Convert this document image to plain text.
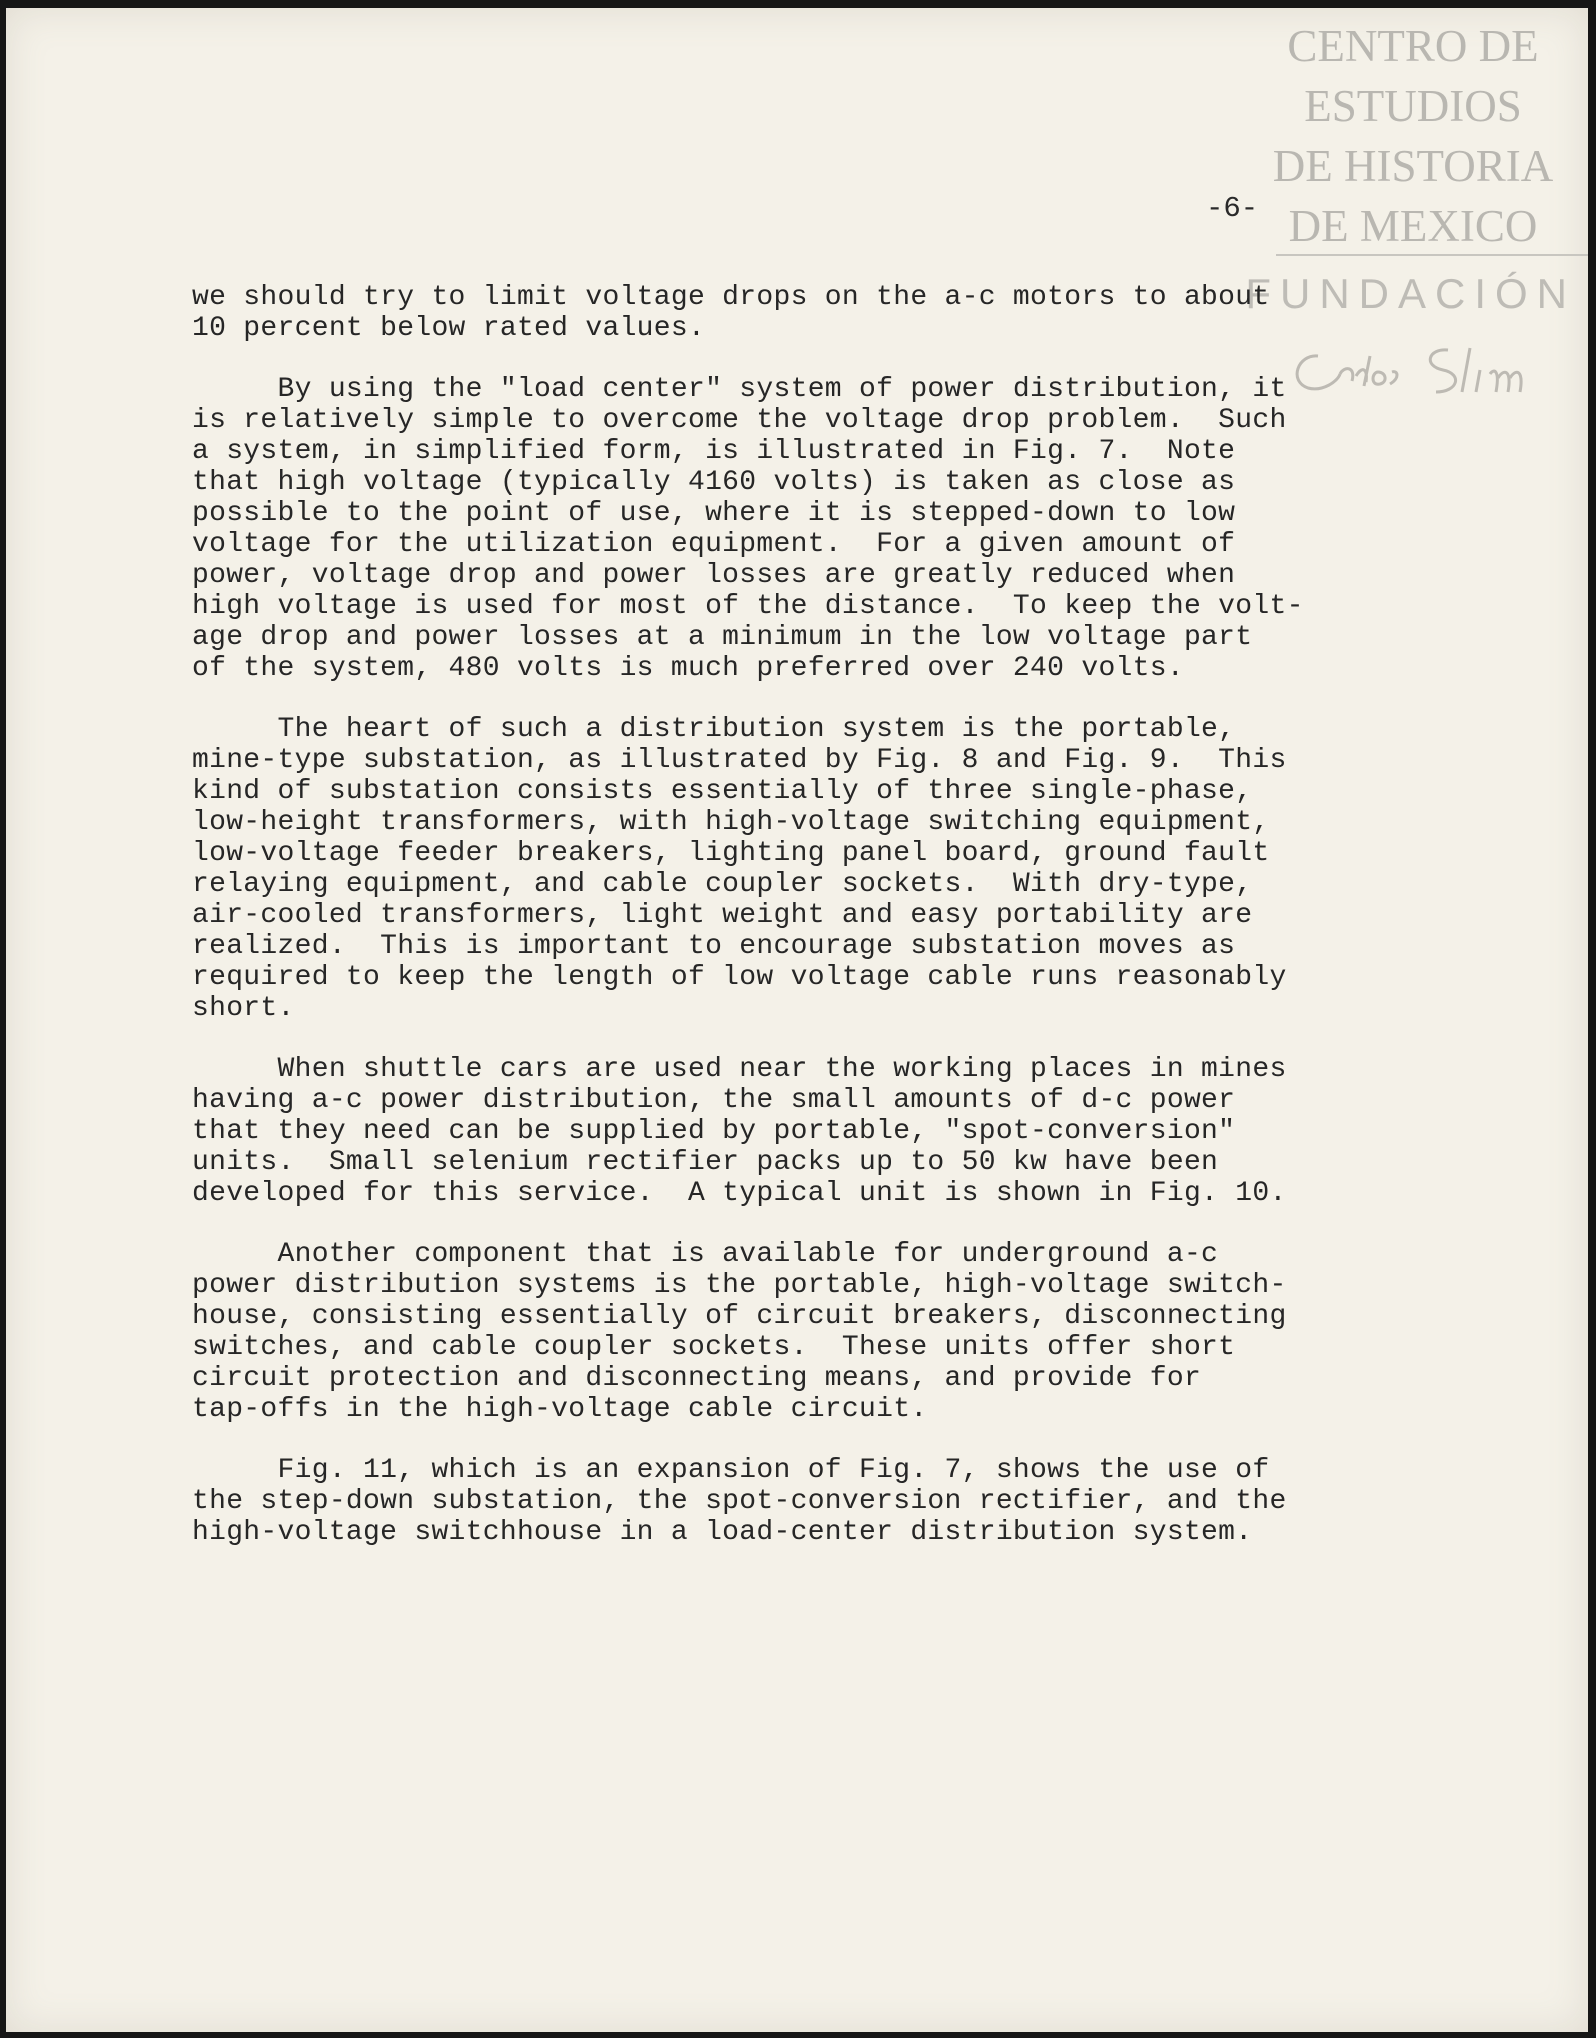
CENTRO DE
ESTUDIOS
DE HISTORIA
DE MEXICO
FUNDACIÓN
-6-
we should try to limit voltage drops on the a-c motors to about
10 percent below rated values.
By using the "load center" system of power distribution, it
is relatively simple to overcome the voltage drop problem.  Such
a system, in simplified form, is illustrated in Fig. 7.  Note
that high voltage (typically 4160 volts) is taken as close as
possible to the point of use, where it is stepped-down to low
voltage for the utilization equipment.  For a given amount of
power, voltage drop and power losses are greatly reduced when
high voltage is used for most of the distance.  To keep the volt-
age drop and power losses at a minimum in the low voltage part
of the system, 480 volts is much preferred over 240 volts.
The heart of such a distribution system is the portable,
mine-type substation, as illustrated by Fig. 8 and Fig. 9.  This
kind of substation consists essentially of three single-phase,
low-height transformers, with high-voltage switching equipment,
low-voltage feeder breakers, lighting panel board, ground fault
relaying equipment, and cable coupler sockets.  With dry-type,
air-cooled transformers, light weight and easy portability are
realized.  This is important to encourage substation moves as
required to keep the length of low voltage cable runs reasonably
short.
When shuttle cars are used near the working places in mines
having a-c power distribution, the small amounts of d-c power
that they need can be supplied by portable, "spot-conversion"
units.  Small selenium rectifier packs up to 50 kw have been
developed for this service.  A typical unit is shown in Fig. 10.
Another component that is available for underground a-c
power distribution systems is the portable, high-voltage switch-
house, consisting essentially of circuit breakers, disconnecting
switches, and cable coupler sockets.  These units offer short
circuit protection and disconnecting means, and provide for
tap-offs in the high-voltage cable circuit.
Fig. 11, which is an expansion of Fig. 7, shows the use of
the step-down substation, the spot-conversion rectifier, and the
high-voltage switchhouse in a load-center distribution system.
